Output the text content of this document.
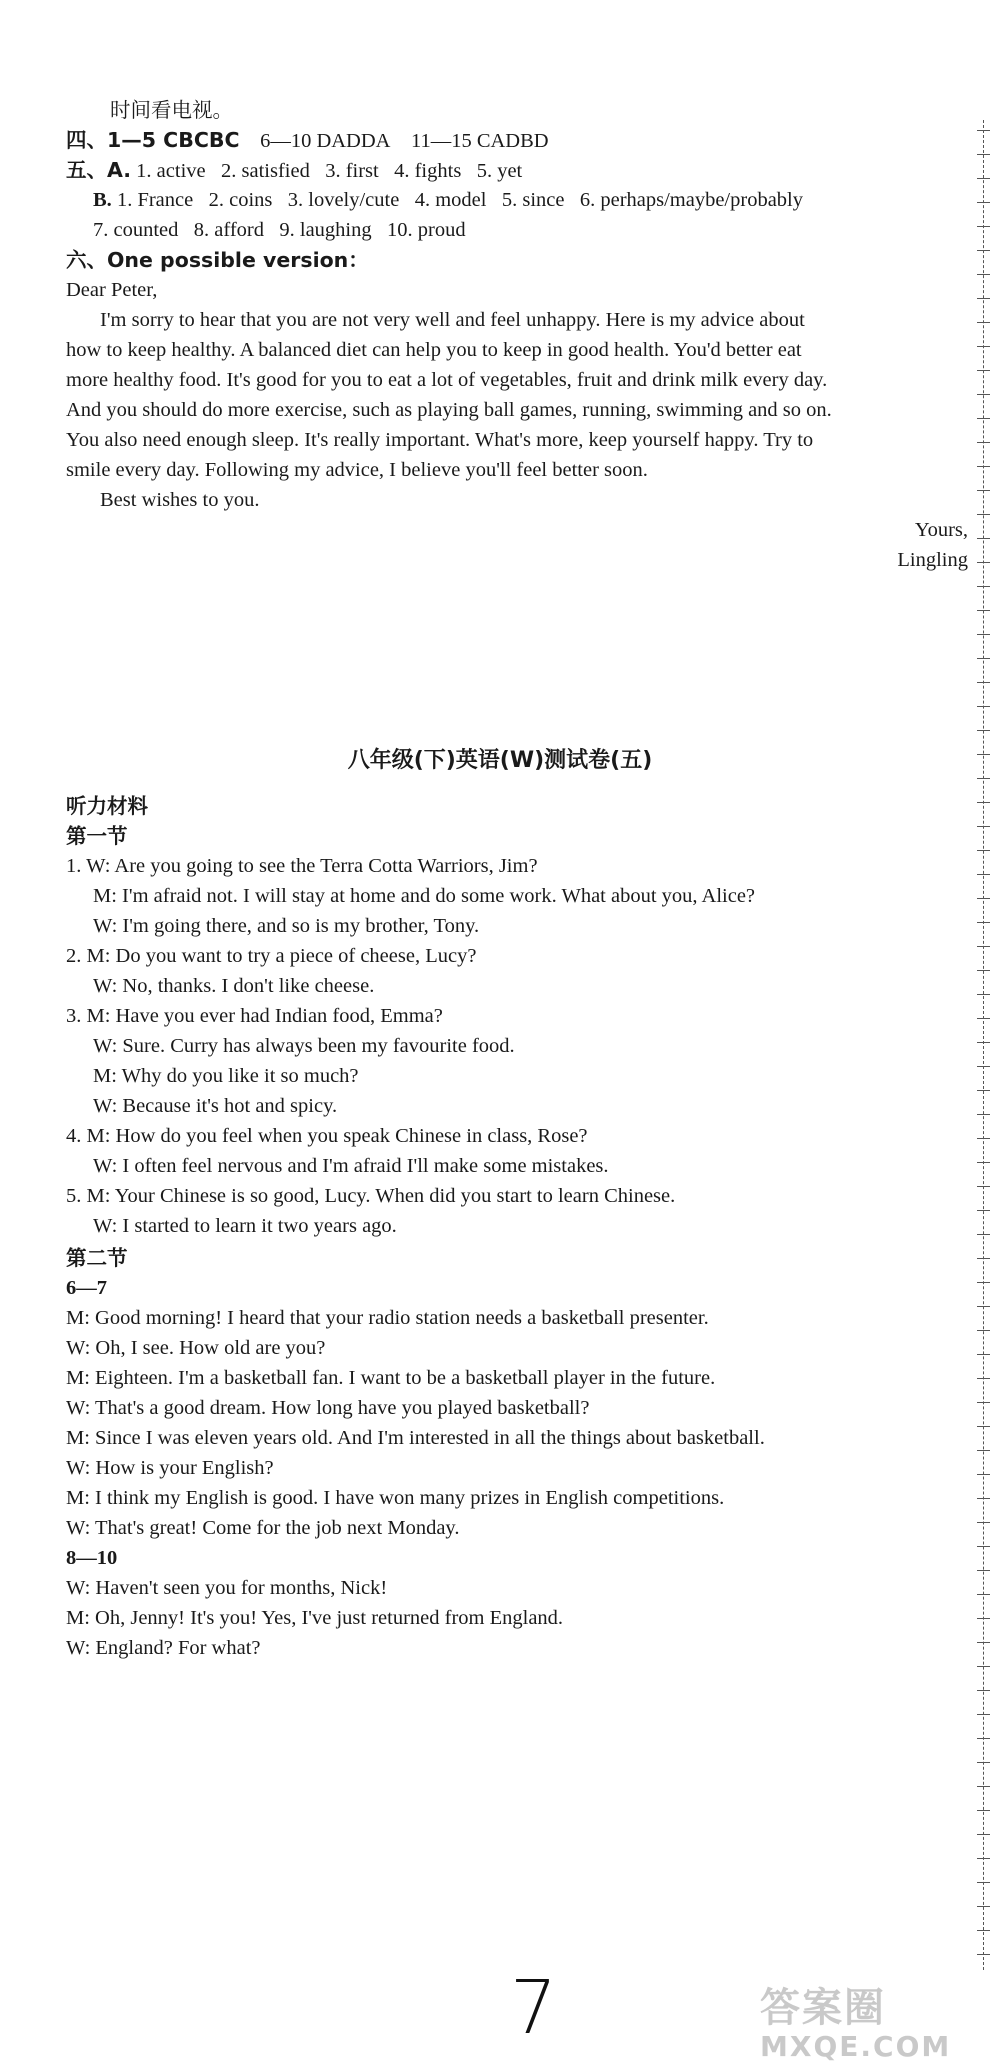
时间看电视。
四、1—5 CBCBC 6—10 DADDA 11—15 CADBD
五、A. 1. active 2. satisfied 3. first 4. fights 5. yet
B. 1. France 2. coins 3. lovely/cute 4. model 5. since 6. perhaps/maybe/probably
7. counted 8. afford 9. laughing 10. proud
六、One possible version：
Dear Peter,
I'm sorry to hear that you are not very well and feel unhappy. Here is my advice about
how to keep healthy. A balanced diet can help you to keep in good health. You'd better eat
more healthy food. It's good for you to eat a lot of vegetables, fruit and drink milk every day.
And you should do more exercise, such as playing ball games, running, swimming and so on.
You also need enough sleep. It's really important. What's more, keep yourself happy. Try to
smile every day. Following my advice, I believe you'll feel better soon.
Best wishes to you.
Yours,
Lingling
八年级(下)英语(W)测试卷(五)
听力材料
第一节
1. W: Are you going to see the Terra Cotta Warriors, Jim?
M: I'm afraid not. I will stay at home and do some work. What about you, Alice?
W: I'm going there, and so is my brother, Tony.
2. M: Do you want to try a piece of cheese, Lucy?
W: No, thanks. I don't like cheese.
3. M: Have you ever had Indian food, Emma?
W: Sure. Curry has always been my favourite food.
M: Why do you like it so much?
W: Because it's hot and spicy.
4. M: How do you feel when you speak Chinese in class, Rose?
W: I often feel nervous and I'm afraid I'll make some mistakes.
5. M: Your Chinese is so good, Lucy. When did you start to learn Chinese.
W: I started to learn it two years ago.
第二节
6—7
M: Good morning! I heard that your radio station needs a basketball presenter.
W: Oh, I see. How old are you?
M: Eighteen. I'm a basketball fan. I want to be a basketball player in the future.
W: That's a good dream. How long have you played basketball?
M: Since I was eleven years old. And I'm interested in all the things about basketball.
W: How is your English?
M: I think my English is good. I have won many prizes in English competitions.
W: That's great! Come for the job next Monday.
8—10
W: Haven't seen you for months, Nick!
M: Oh, Jenny! It's you! Yes, I've just returned from England.
W: England? For what?
7	答案圈
MXQE.COM
